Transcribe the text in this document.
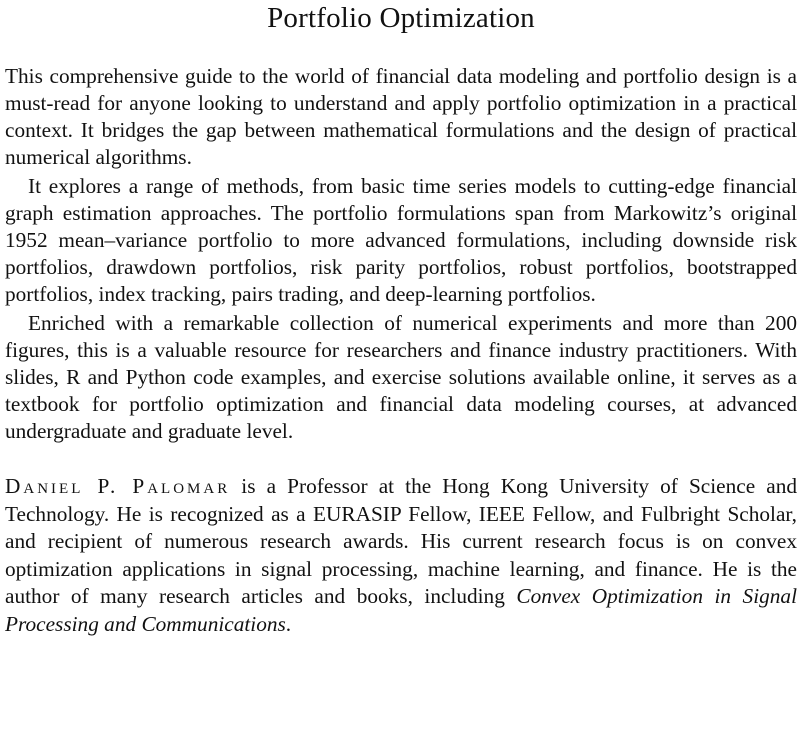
Portfolio Optimization

This comprehensive guide to the world of financial data modeling and portfolio design is a must-read for anyone looking to understand and apply portfolio optimization in a practical context. It bridges the gap between mathematical formulations and the design of practical numerical algorithms.

It explores a range of methods, from basic time series models to cutting-edge financial graph estimation approaches. The portfolio formulations span from Markowitz’s original 1952 mean–variance portfolio to more advanced formulations, including downside risk portfolios, drawdown portfolios, risk parity portfolios, robust portfolios, bootstrapped portfolios, index tracking, pairs trading, and deep-learning portfolios.

Enriched with a remarkable collection of numerical experiments and more than 200 figures, this is a valuable resource for researchers and finance industry practitioners. With slides, R and Python code examples, and exercise solutions available online, it serves as a textbook for portfolio optimization and financial data modeling courses, at advanced undergraduate and graduate level.

Daniel P. Palomar is a Professor at the Hong Kong University of Science and Technology. He is recognized as a EURASIP Fellow, IEEE Fellow, and Fulbright Scholar, and recipient of numerous research awards. His current research focus is on convex optimization applications in signal processing, machine learning, and finance. He is the author of many research articles and books, including Convex Optimization in Signal Processing and Communications.
